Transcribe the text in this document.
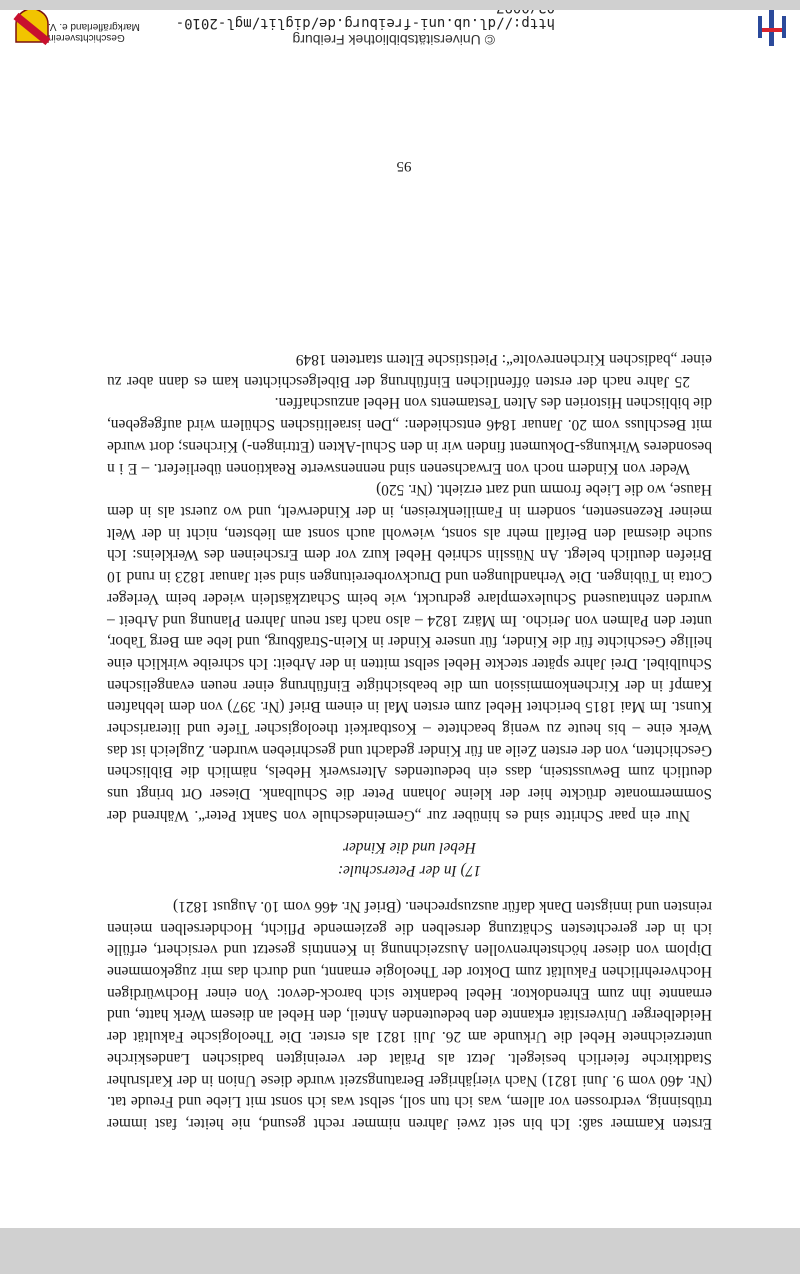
http://dl.ub.uni-freiburg.de/diglit/mgl-2010-
© Universitätsbibliothek Freiburg
Geschichtsverein
Markgräflerland e. V.

Ersten Kammer saß: Ich bin seit zwei Jahren nimmer recht gesund, nie heiter, fast immer trübsinnig, verdrossen vor allem, was ich tun soll, selbst was ich sonst mit Liebe und Freude tat. (Nr. 460 vom 9. Juni 1821) Nach vierjähriger Beratungszeit wurde diese Union in der Karlsruher Stadtkirche feierlich besiegelt. Jetzt als Prälat der vereinigten badischen Landeskirche unterzeichnete Hebel die Urkunde am 26. Juli 1821 als erster. Die Theologische Fakultät der Heidelberger Universität erkannte den bedeutenden Anteil, den Hebel an diesem Werk hatte, und ernannte ihn zum Ehrendoktor. Hebel bedankte sich barock-devot: Von einer Hochwürdigen Hochverehrlichen Fakultät zum Doktor der Theologie ernannt, und durch das mir zugekommene Diplom von dieser höchstehrenvollen Auszeichnung in Kenntnis gesetzt und versichert, erfülle ich in der gerechtesten Schätzung derselben die geziemende Pflicht, Hochderselben meinen reinsten und innigsten Dank dafür auszusprechen. (Brief Nr. 466 vom 10. August 1821)

17) In der Peterschule:
Hebel und die Kinder

Nur ein paar Schritte sind es hinüber zur „Gemeindeschule von Sankt Peter“. Während der Sommermonate drückte hier der kleine Johann Peter die Schulbank. Dieser Ort bringt uns deutlich zum Bewusstsein, dass ein bedeutendes Alterswerk Hebels, nämlich die Biblischen Geschichten, von der ersten Zeile an für Kinder gedacht und geschrieben wurden. Zugleich ist das Werk eine – bis heute zu wenig beachtete – Kostbarkeit theologischer Tiefe und literarischer Kunst. Im Mai 1815 berichtet Hebel zum ersten Mal in einem Brief (Nr. 397) von dem lebhaften Kampf in der Kirchenkommission um die beabsichtigte Einführung einer neuen evangelischen Schulbibel. Drei Jahre später steckte Hebel selbst mitten in der Arbeit: Ich schreibe wirklich eine heilige Geschichte für die Kinder, für unsere Kinder in Klein-Straßburg, und lebe am Berg Tabor, unter den Palmen von Jericho. Im März 1824 – also nach fast neun Jahren Planung und Arbeit – wurden zehntausend Schulexemplare gedruckt, wie beim Schatzkästlein wieder beim Verleger Cotta in Tübingen. Die Verhandlungen und Druckvorbereitungen sind seit Januar 1823 in rund 10 Briefen deutlich belegt. An Nüsslin schrieb Hebel kurz vor dem Erscheinen des Werkleins: Ich suche diesmal den Beifall mehr als sonst, wiewohl auch sonst am liebsten, nicht in der Welt meiner Rezensenten, sondern in Familienkreisen, in der Kinderwelt, und wo zuerst als in dem Hause, wo die Liebe fromm und zart erzieht. (Nr. 520)

Weder von Kindern noch von Erwachsenen sind nennenswerte Reaktionen überliefert. – E i n besonderes Wirkungs-Dokument finden wir in den Schul-Akten (Ettringen-) Kirchens; dort wurde mit Beschluss vom 20. Januar 1846 entschieden: „Den israelitischen Schülern wird aufgegeben, die biblischen Historien des Alten Testaments von Hebel anzuschaffen.

25 Jahre nach der ersten öffentlichen Einführung der Bibelgeschichten kam es dann aber zu einer „badischen Kirchenrevolte“: Pietistische Eltern starteten 1849

95
